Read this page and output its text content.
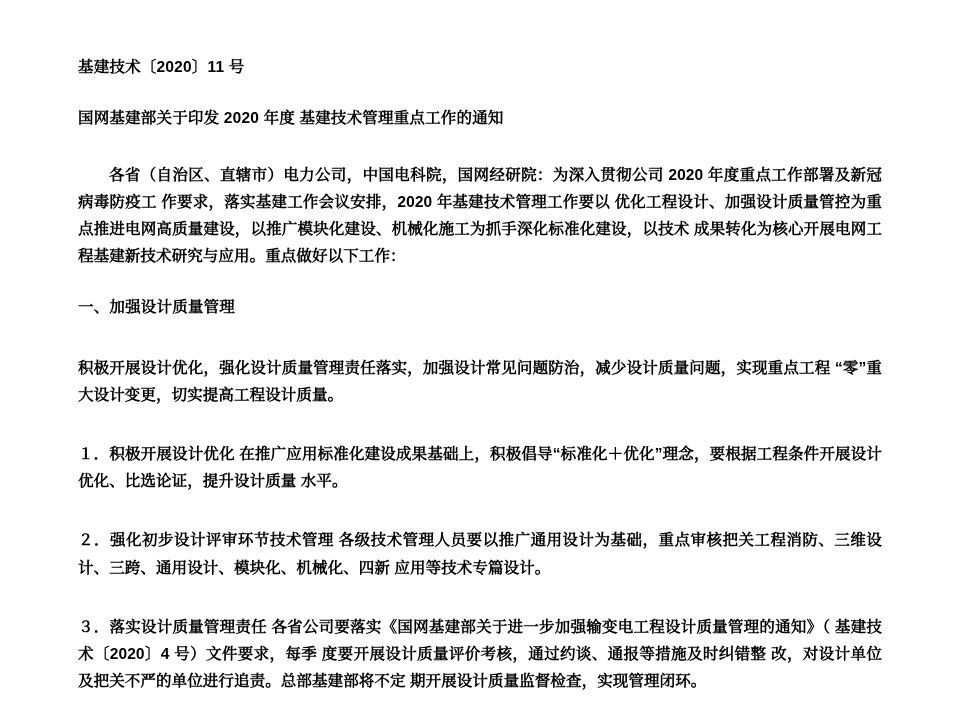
基建技术〔2020〕11 号

国网基建部关于印发 2020 年度 基建技术管理重点工作的通知

各省（自治区、直辖市）电力公司，中国电科院，国网经研院：为深入贯彻公司 2020 年度重点工作部署及新冠病毒防疫工 作要求，落实基建工作会议安排，2020 年基建技术管理工作要以 优化工程设计、加强设计质量管控为重点推进电网高质量建设，以推广模块化建设、机械化施工为抓手深化标准化建设，以技术 成果转化为核心开展电网工程基建新技术研究与应用。重点做好以下工作：

一、加强设计质量管理

积极开展设计优化，强化设计质量管理责任落实，加强设计常见问题防治，减少设计质量问题，实现重点工程 “零”重大设计变更，切实提高工程设计质量。

１．积极开展设计优化 在推广应用标准化建设成果基础上，积极倡导“标准化＋优化”理念，要根据工程条件开展设计优化、比选论证，提升设计质量 水平。

２．强化初步设计评审环节技术管理 各级技术管理人员要以推广通用设计为基础，重点审核把关工程消防、三维设计、三跨、通用设计、模块化、机械化、四新 应用等技术专篇设计。

３．落实设计质量管理责任 各省公司要落实《国网基建部关于进一步加强输变电工程设计质量管理的通知》（ 基建技术〔2020〕4 号）文件要求，每季 度要开展设计质量评价考核，通过约谈、通报等措施及时纠错整 改，对设计单位及把关不严的单位进行追责。总部基建部将不定 期开展设计质量监督检查，实现管理闭环。
